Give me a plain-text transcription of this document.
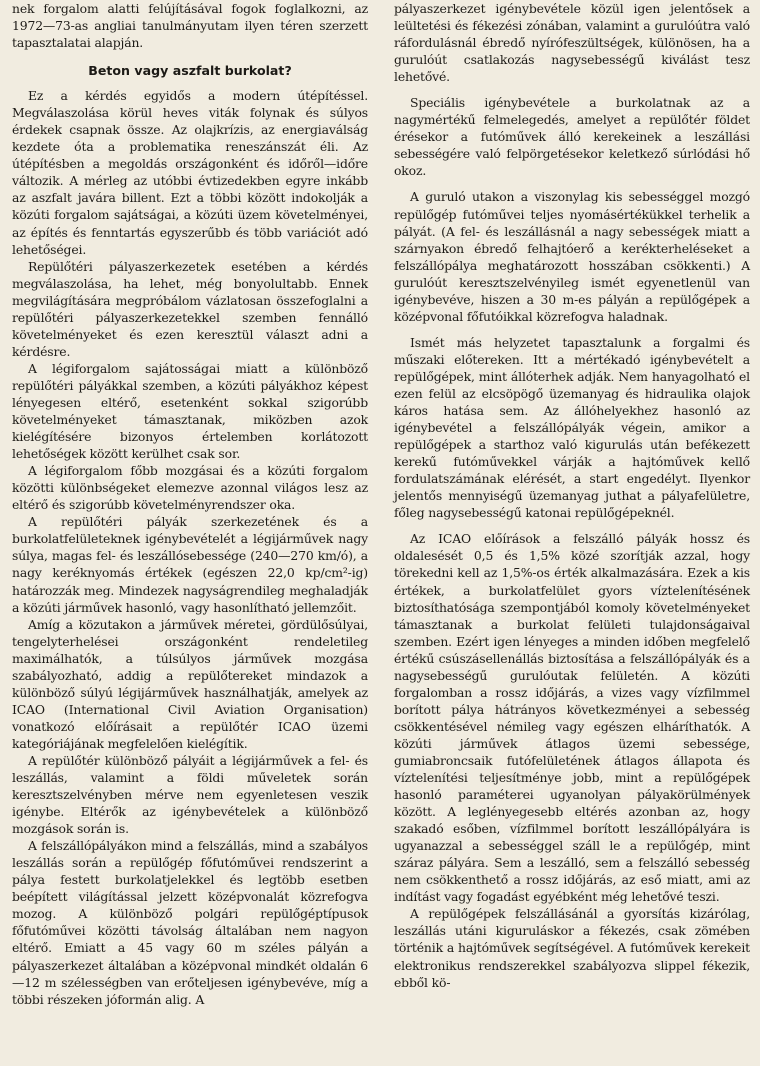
nek forgalom alatti felújításával fogok foglalkozni, az 1972—73-as angliai tanulmányutam ilyen téren szerzett tapasztalatai alapján.

Beton vagy aszfalt burkolat?

Ez a kérdés egyidős a modern útépítéssel. Megválaszolása körül heves viták folynak és súlyos érdekek csapnak össze. Az olajkrízis, az energiaválság kezdete óta a problematika reneszánszát éli. Az útépítésben a megoldás országonként és időről—időre változik. A mérleg az utóbbi évtizedekben egyre inkább az aszfalt javára billent. Ezt a többi között indokolják a közúti forgalom sajátságai, a közúti üzem követelményei, az építés és fenntartás egyszerűbb és több variációt adó lehetőségei.

Repülőtéri pályaszerkezetek esetében a kérdés megválaszolása, ha lehet, még bonyolultabb. Ennek megvilágítására megpróbálom vázlatosan összefoglalni a repülőtéri pályaszerkezetekkel szemben fennálló követelményeket és ezen keresztül választ adni a kérdésre.

A légiforgalom sajátosságai miatt a különböző repülőtéri pályákkal szemben, a közúti pályákhoz képest lényegesen eltérő, esetenként sokkal szigorúbb követelményeket támasztanak, miközben azok kielégítésére bizonyos értelemben korlátozott lehetőségek között kerülhet csak sor.

A légiforgalom főbb mozgásai és a közúti forgalom közötti különbségeket elemezve azonnal világos lesz az eltérő és szigorúbb követelményrendszer oka.

A repülőtéri pályák szerkezetének és a burkolatfelületeknek igénybevételét a légijárművek nagy súlya, magas fel- és leszállósebessége (240—270 km/ó), a nagy keréknyomás értékek (egészen 22,0 kp/cm²-ig) határozzák meg. Mindezek nagyságrendileg meghaladják a közúti járművek hasonló, vagy hasonlítható jellemzőit.

Amíg a közutakon a járművek méretei, gördülősúlyai, tengelyterhelései országonként rendeletileg maximálhatók, a túlsúlyos járművek mozgása szabályozható, addig a repülőtereket mindazok a különböző súlyú légijárművek használhatják, amelyek az ICAO (International Civil Aviation Organisation) vonatkozó előírásait a repülőtér ICAO üzemi kategóriájának megfelelően kielégítik.

A repülőtér különböző pályáit a légijárművek a fel- és leszállás, valamint a földi műveletek során keresztszelvényben mérve nem egyenletesen veszik igénybe. Eltérők az igénybevételek a különböző mozgások során is.

A felszállópályákon mind a felszállás, mind a szabályos leszállás során a repülőgép főfutóművei rendszerint a pálya festett burkolatjelekkel és legtöbb esetben beépített világítással jelzett középvonalát közrefogva mozog. A különböző polgári repülőgéptípusok főfutóművei közötti távolság általában nem nagyon eltérő. Emiatt a 45 vagy 60 m széles pályán a pályaszerkezet általában a középvonal mindkét oldalán 6—12 m szélességben van erőteljesen igénybevéve, míg a többi részeken jóformán alig. A

pályaszerkezet igénybevétele közül igen jelentősek a leültetési és fékezési zónában, valamint a gurulóútra való ráfordulásnál ébredő nyírófeszültségek, különösen, ha a gurulóút csatlakozás nagysebességű kiválást tesz lehetővé.

Speciális igénybevétele a burkolatnak az a nagymértékű felmelegedés, amelyet a repülőtér földet érésekor a futóművek álló kerekeinek a leszállási sebességére való felpörgetésekor keletkező súrlódási hő okoz.

A guruló utakon a viszonylag kis sebességgel mozgó repülőgép futóművei teljes nyomásértékükkel terhelik a pályát. (A fel- és leszállásnál a nagy sebességek miatt a szárnyakon ébredő felhajtóerő a kerékterheléseket a felszállópálya meghatározott hosszában csökkenti.) A gurulóút keresztszelvényileg ismét egyenetlenül van igénybevéve, hiszen a 30 m-es pályán a repülőgépek a középvonal főfutóikkal közrefogva haladnak.

Ismét más helyzetet tapasztalunk a forgalmi és műszaki előtereken. Itt a mértékadó igénybevételt a repülőgépek, mint állóterhek adják. Nem hanyagolható el ezen felül az elcsöpögő üzemanyag és hidraulika olajok káros hatása sem. Az állóhelyekhez hasonló az igénybevétel a felszállópályák végein, amikor a repülőgépek a starthoz való kigurulás után befékezett kerekű futóművekkel várják a hajtóművek kellő fordulatszámának elérését, a start engedélyt. Ilyenkor jelentős mennyiségű üzemanyag juthat a pályafelületre, főleg nagysebességű katonai repülőgépeknél.

Az ICAO előírások a felszálló pályák hossz és oldalesését 0,5 és 1,5% közé szorítják azzal, hogy törekedni kell az 1,5%-os érték alkalmazására. Ezek a kis értékek, a burkolatfelület gyors víztelenítésének biztosíthatósága szempontjából komoly követelményeket támasztanak a burkolat felületi tulajdonságaival szemben. Ezért igen lényeges a minden időben megfelelő értékű csúszásellenállás biztosítása a felszállópályák és a nagysebességű gurulóutak felületén. A közúti forgalomban a rossz időjárás, a vizes vagy vízfilmmel borított pálya hátrányos következményei a sebesség csökkentésével némileg vagy egészen elháríthatók. A közúti járművek átlagos üzemi sebessége, gumiabroncsaik futófelületének átlagos állapota és víztelenítési teljesítménye jobb, mint a repülőgépek hasonló paraméterei ugyanolyan pályakörülmények között. A leglényegesebb eltérés azonban az, hogy szakadó esőben, vízfilmmel borított leszállópályára is ugyanazzal a sebességgel száll le a repülőgép, mint száraz pályára. Sem a leszálló, sem a felszálló sebesség nem csökkenthető a rossz időjárás, az eső miatt, ami az indítást vagy fogadást egyébként még lehetővé teszi.

A repülőgépek felszállásánál a gyorsítás kizárólag, leszállás utáni kiguruláskor a fékezés, csak zömében történik a hajtóművek segítségével. A futóművek kerekeit elektronikus rendszerekkel szabályozva slippel fékezik, ebből kö-
